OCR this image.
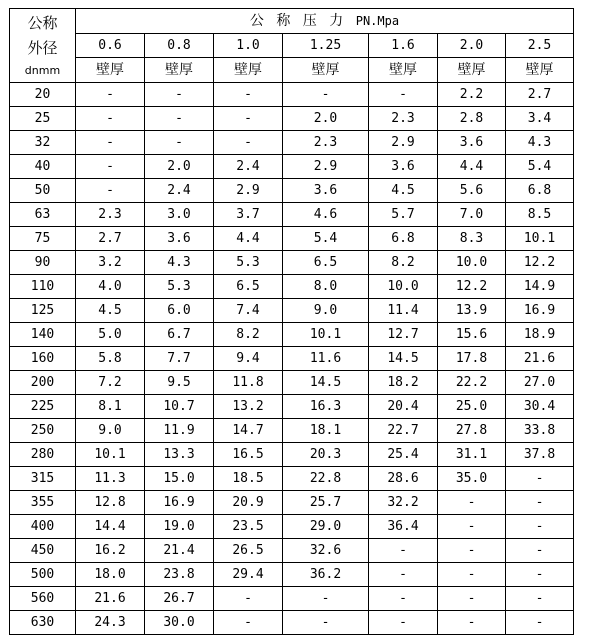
公称
外径
dnmm	公 称 压 力 PN.Mpa						
	0.6	0.8	1.0	1.25	1.6	2.0	2.5
	壁厚	壁厚	壁厚	壁厚	壁厚	壁厚	壁厚
20	-	-	-	-	-	2.2	2.7
25	-	-	-	2.0	2.3	2.8	3.4
32	-	-	-	2.3	2.9	3.6	4.3
40	-	2.0	2.4	2.9	3.6	4.4	5.4
50	-	2.4	2.9	3.6	4.5	5.6	6.8
63	2.3	3.0	3.7	4.6	5.7	7.0	8.5
75	2.7	3.6	4.4	5.4	6.8	8.3	10.1
90	3.2	4.3	5.3	6.5	8.2	10.0	12.2
110	4.0	5.3	6.5	8.0	10.0	12.2	14.9
125	4.5	6.0	7.4	9.0	11.4	13.9	16.9
140	5.0	6.7	8.2	10.1	12.7	15.6	18.9
160	5.8	7.7	9.4	11.6	14.5	17.8	21.6
200	7.2	9.5	11.8	14.5	18.2	22.2	27.0
225	8.1	10.7	13.2	16.3	20.4	25.0	30.4
250	9.0	11.9	14.7	18.1	22.7	27.8	33.8
280	10.1	13.3	16.5	20.3	25.4	31.1	37.8
315	11.3	15.0	18.5	22.8	28.6	35.0	-
355	12.8	16.9	20.9	25.7	32.2	-	-
400	14.4	19.0	23.5	29.0	36.4	-	-
450	16.2	21.4	26.5	32.6	-	-	-
500	18.0	23.8	29.4	36.2	-	-	-
560	21.6	26.7	-	-	-	-	-
630	24.3	30.0	-	-	-	-	-
